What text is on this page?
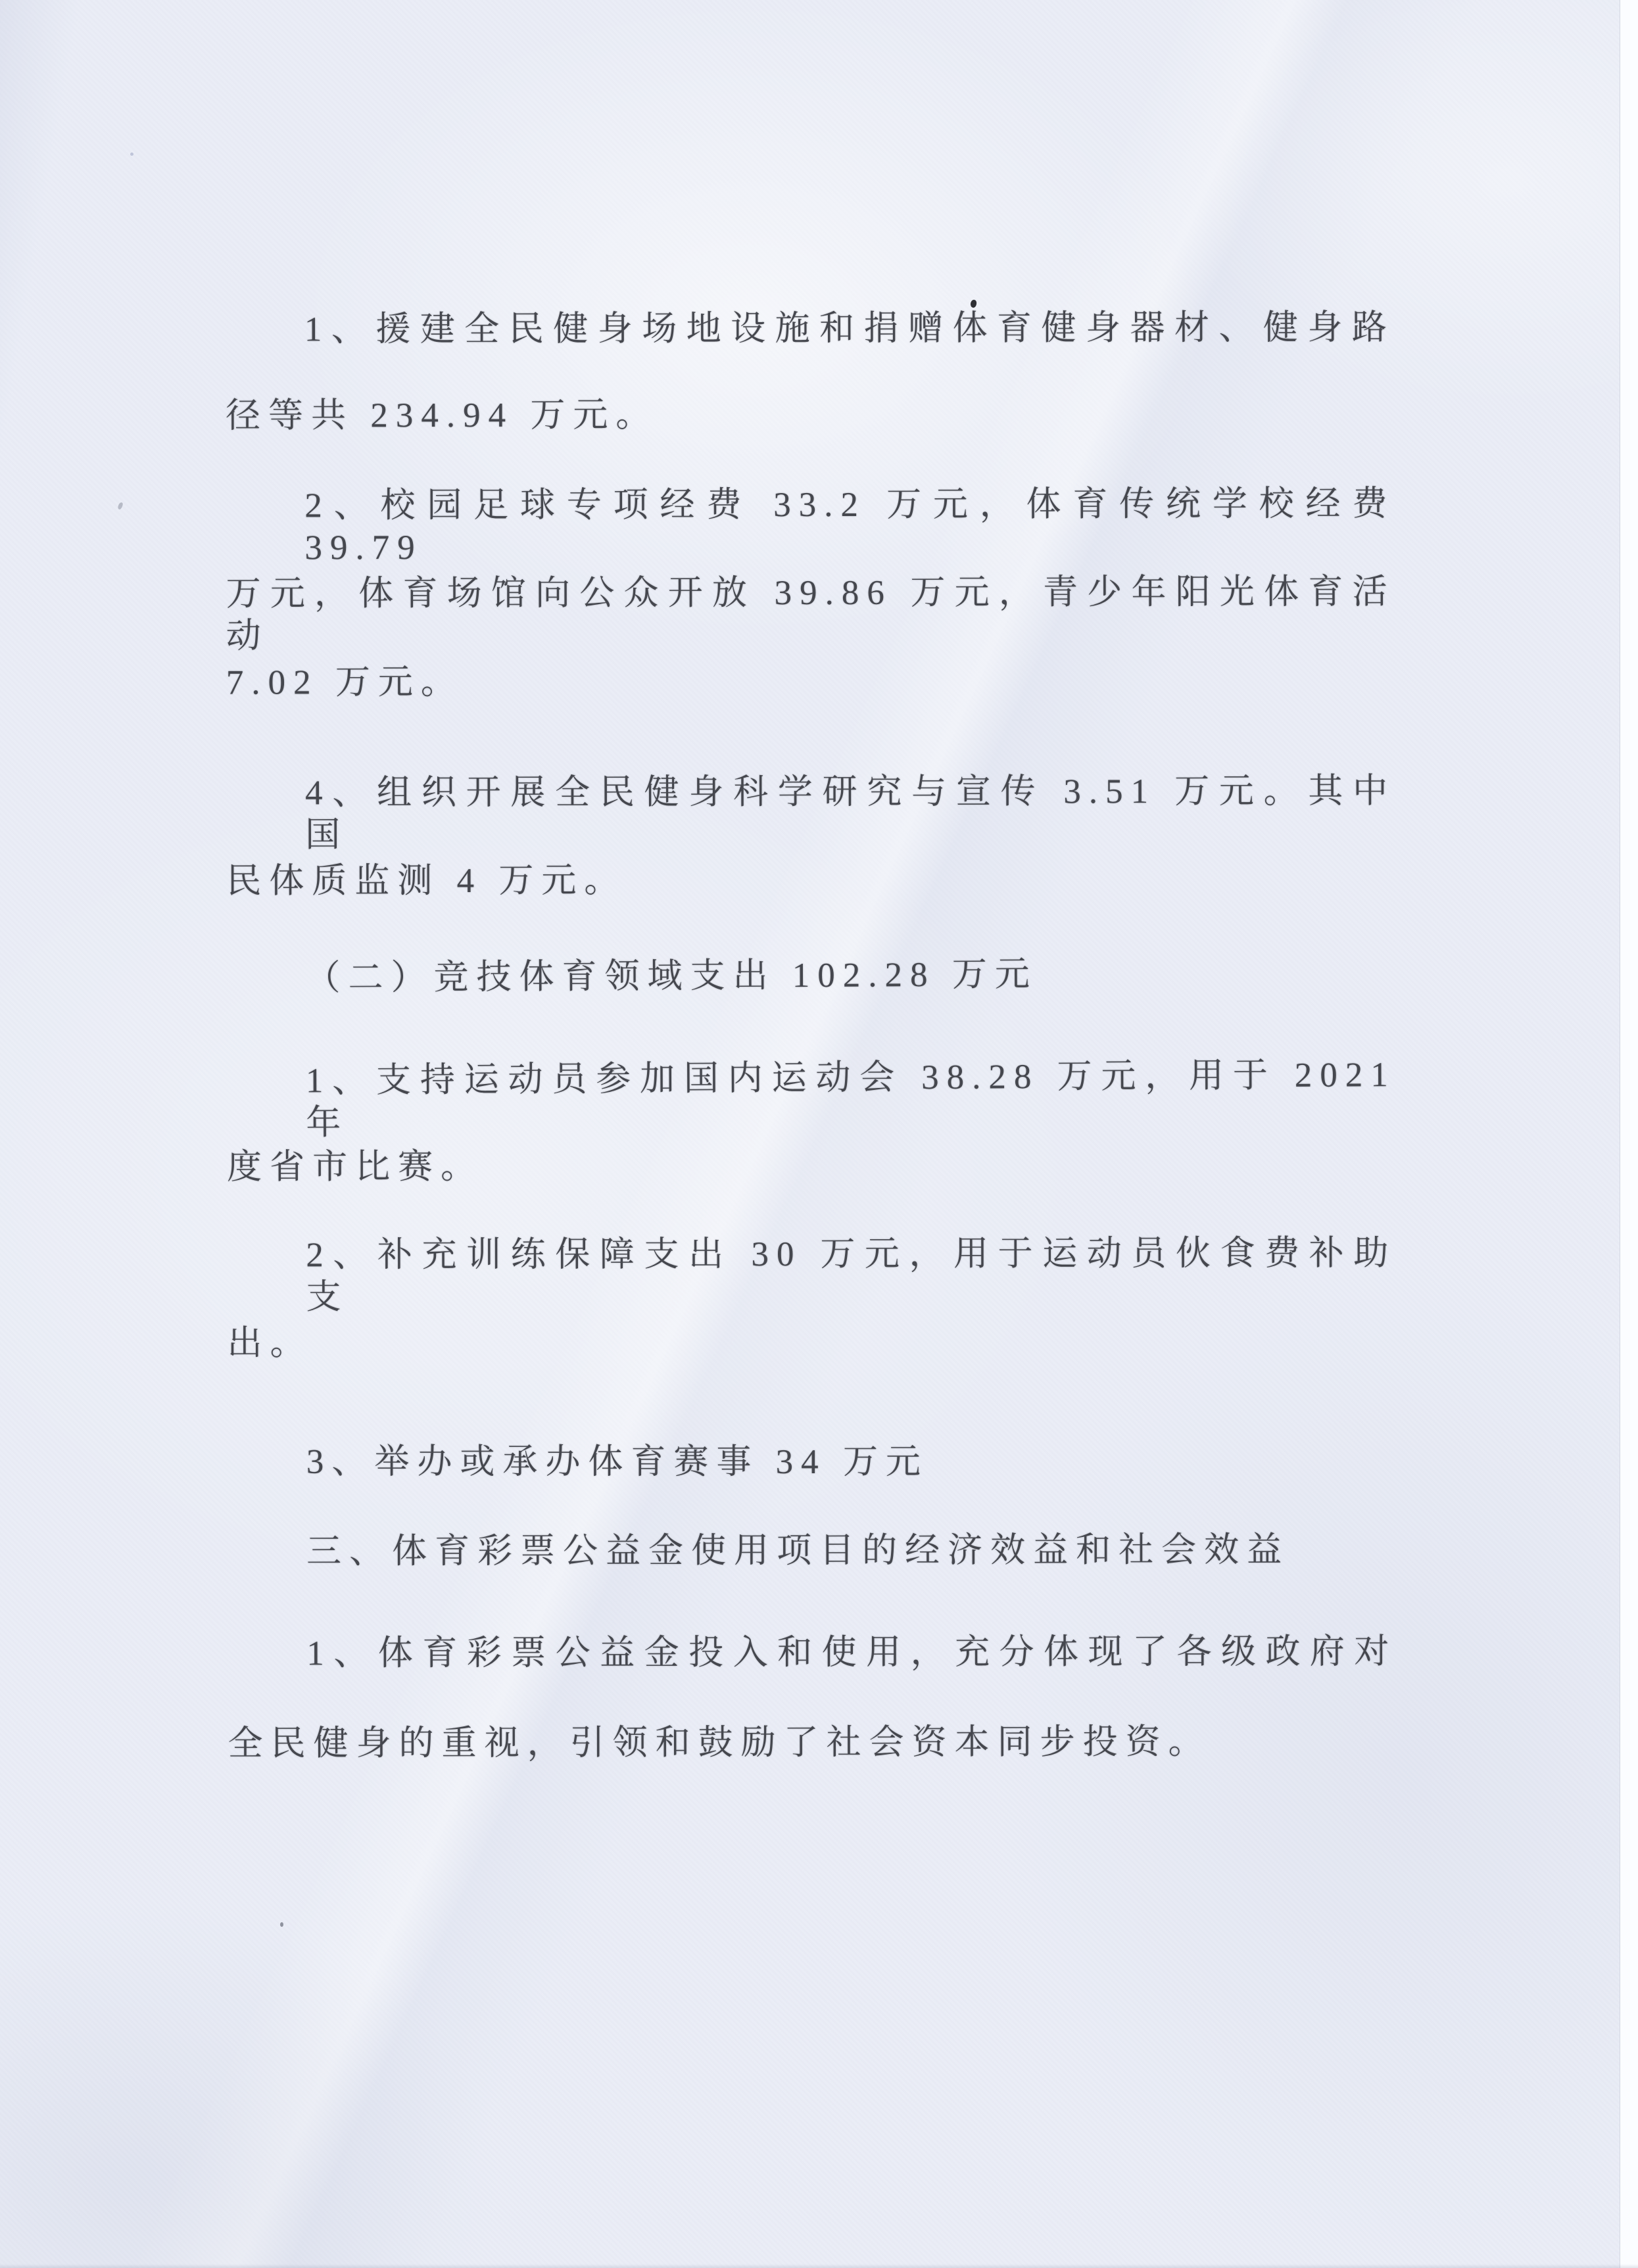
1、援建全民健身场地设施和捐赠体育健身器材、健身路
径等共 234.94 万元。
2、校园足球专项经费 33.2 万元，体育传统学校经费 39.79
万元，体育场馆向公众开放 39.86 万元，青少年阳光体育活动
7.02 万元。
4、组织开展全民健身科学研究与宣传 3.51 万元。其中国
民体质监测 4 万元。
（二）竞技体育领域支出 102.28 万元
1、支持运动员参加国内运动会 38.28 万元，用于 2021 年
度省市比赛。
2、补充训练保障支出 30 万元，用于运动员伙食费补助支
出。
3、举办或承办体育赛事 34 万元
三、体育彩票公益金使用项目的经济效益和社会效益
1、体育彩票公益金投入和使用，充分体现了各级政府对
全民健身的重视，引领和鼓励了社会资本同步投资。
